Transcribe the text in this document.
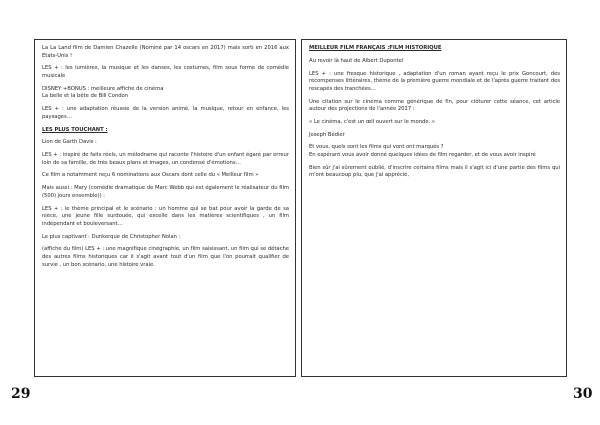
La La Land film de Damien Chazelle (Nominé par 14 oscars en 2017) mais sorti en 2016 aux Etats-Unis !

LES + : les lumières, la musique et les danses, les costumes, film sous forme de comédie musicale

DISNEY +BONUS : meilleure affiche de cinéma
La belle et la bête de Bill Condon

LES + : une adaptation réussie de la version animé, la musique, retour en enfance, les paysages…

LES PLUS TOUCHANT :

Lion de Garth Davis :

LES + : inspiré de faits réels, un mélodrame qui raconte l'histoire d'un enfant égaré par erreur loin de sa famille, de très beaux plans et images, un condensé d'émotions…

Ce film a notamment reçu 6 nominations aux Oscars dont celle du « Meilleur film »

Mais aussi : Mary (comédie dramatique de Marc Webb qui est également le réalisateur du film (500) jours ensemble)) :

LES + : le thème principal et le scénario : un homme qui se bat pour avoir la garde de sa nièce, une jeune fille surdouée, qui excelle dans les matières scientifiques , un film indépendant et bouleversant…

Le plus captivant : Dunkerque de Christopher Nolan :

(affiche du film) LES + : une magnifique cinégraphie, un film saisissant, un film qui se détache des autres films historiques car il s'agit avant tout d'un film que l'on pourrait qualifier de survie , un bon scénario, une histoire vraie.

MEILLEUR FILM FRANÇAIS :FILM HISTORIQUE

Au revoir là haut de Albert Dupontel

LES + : une fresque historique , adaptation d'un roman ayant reçu le prix Goncourt, des récompenses littéraires, thème de la première guerre mondiale et de l'après guerre traitant des rescapés des tranchées…

Une citation sur le cinéma comme générique de fin, pour clôturer cette séance, cet article autour des projections de l'année 2017 :

« Le cinéma, c'est un œil ouvert sur le monde. »

Joseph Bédier

Et vous, quels sont les films qui vont ont marqués ?
En espérant vous avoir donné quelques idées de film regarder, et de vous avoir inspiré

Bien sûr j'ai sûrement oublié, d'inscrire certains films mais il s'agit ici d'une partie des films qui m'ont beaucoup plu, que j'ai apprécié,

29	30
